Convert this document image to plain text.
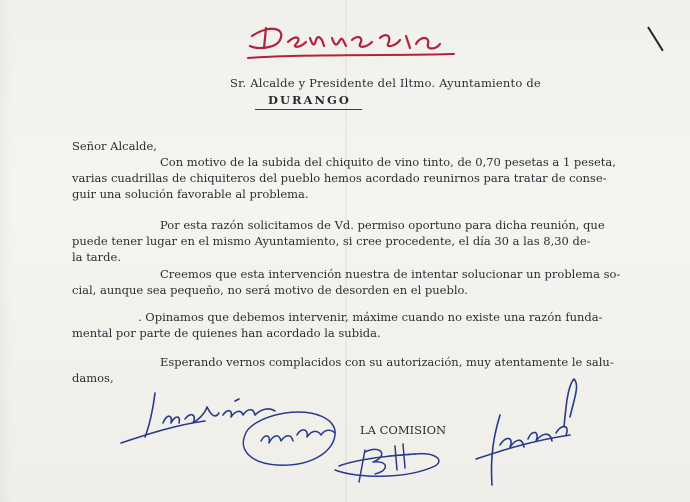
Sr. Alcalde y Presidente del Iltmo. Ayuntamiento de
DURANGO
Señor Alcalde,
Con motivo de la subida del chiquito de vino tinto, de 0,70 pesetas a 1 peseta,
varias cuadrillas de chiquiteros del pueblo hemos acordado reunirnos para tratar de conse-
guir una solución favorable al problema.
Por esta razón solicitamos de Vd. permiso oportuno para dicha reunión, que
puede tener lugar en el mismo Ayuntamiento, si cree procedente, el día 30 a las 8,30 de-
la tarde.
Creemos que esta intervención nuestra de intentar solucionar un problema so-
cial, aunque sea pequeño, no será motivo de desorden en el pueblo.
. Opinamos que debemos intervenir, máxime cuando no existe una razón funda-
mental por parte de quienes han acordado la subida.
Esperando vernos complacidos con su autorización, muy atentamente le salu-
damos,
LA COMISION
